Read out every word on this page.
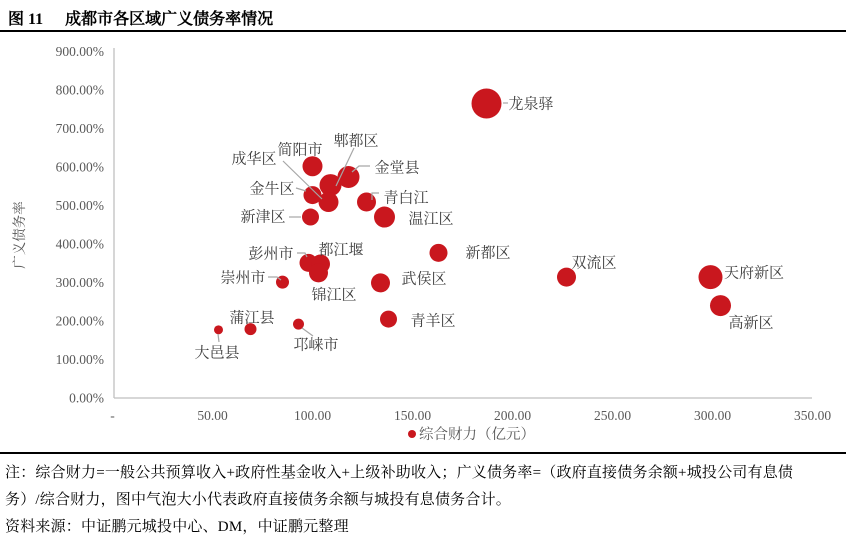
图 11 成都市各区域广义债务率情况
0.00%
100.00%
200.00%
300.00%
400.00%
500.00%
600.00%
700.00%
800.00%
900.00%
-	50.00	100.00	150.00	200.00	250.00	300.00	350.00
广义债务率
龙泉驿
简阳市
郫都区
金堂县
金牛区
成华区
新津区
青白江
温江区
彭州市 都江堰
锦江区
崇州市	武侯区
新都区
双流区
青羊区
蒲江县
大邑县	邛崃市
天府新区
高新区
综合财力（亿元）
注：综合财力=一般公共预算收入+政府性基金收入+上级补助收入；广义债务率=（政府直接债务余额+城投公司有息债
务）/综合财力，图中气泡大小代表政府直接债务余额与城投有息债务合计。
资料来源：中证鹏元城投中心、DM，中证鹏元整理
